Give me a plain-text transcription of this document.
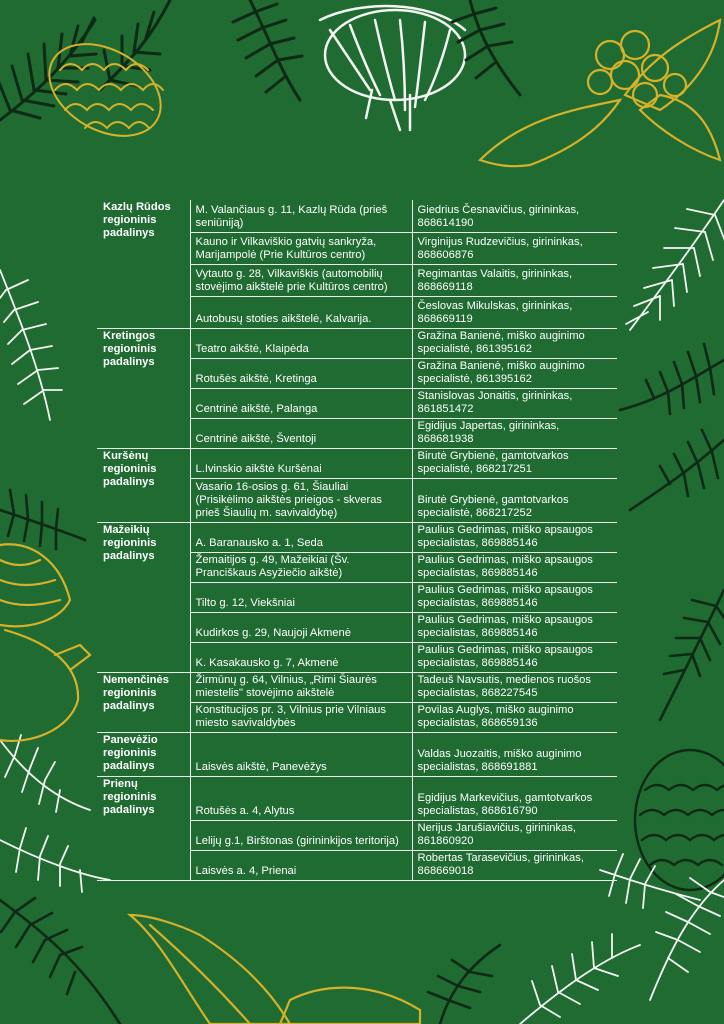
Kazlų Rūdos regioninis padalinys	M. Valančiaus g. 11, Kazlų Rūda (prieš seniūniją)	Giedrius Česnavičius, girininkas, 868614190
	Kauno ir Vilkaviškio gatvių sankryža, Marijampolė (Prie Kultūros centro)	Virginijus Rudzevičius, girininkas, 868606876
	Vytauto g. 28, Vilkaviškis (automobilių stovėjimo aikštelė prie Kultūros centro)	Regimantas Valaitis, girininkas, 868669118
	Autobusų stoties aikštelė, Kalvarija.	Česlovas Mikulskas, girininkas, 868669119
Kretingos regioninis padalinys	Teatro aikštė, Klaipėda	Gražina Banienė, miško auginimo specialistė, 861395162
	Rotušės aikštė, Kretinga	Gražina Banienė, miško auginimo specialistė, 861395162
	Centrinė aikštė, Palanga	Stanislovas Jonaitis, girininkas, 861851472
	Centrinė aikštė, Šventoji	Egidijus Japertas, girininkas, 868681938
Kuršėnų regioninis padalinys	L.Ivinskio aikštė Kuršėnai	Birutė Grybienė, gamtotvarkos specialistė, 868217251
	Vasario 16-osios g. 61, Šiauliai (Prisikėlimo aikštės prieigos - skveras prieš Šiaulių m. savivaldybę)	Birutė Grybienė, gamtotvarkos specialistė, 868217252
Mažeikių regioninis padalinys	A. Baranausko a. 1, Seda	Paulius Gedrimas, miško apsaugos specialistas, 869885146
	Žemaitijos g. 49, Mažeikiai (Šv. Pranciškaus Asyžiečio aikštė)	Paulius Gedrimas, miško apsaugos specialistas, 869885146
	Tilto g. 12, Viekšniai	Paulius Gedrimas, miško apsaugos specialistas, 869885146
	Kudirkos g. 29, Naujoji Akmenė	Paulius Gedrimas, miško apsaugos specialistas, 869885146
	K. Kasakausko g. 7, Akmenė	Paulius Gedrimas, miško apsaugos specialistas, 869885146
Nemenčinės regioninis padalinys	Žirmūnų g. 64, Vilnius, „Rimi Šiaurės miestelis" stovėjimo aikštelė	Tadeuš Navsutis, medienos ruošos specialistas, 868227545
	Konstitucijos pr. 3, Vilnius prie Vilniaus miesto savivaldybės	Povilas Auglys, miško auginimo specialistas, 868659136
Panevėžio regioninis padalinys	Laisvės aikštė, Panevėžys	Valdas Juozaitis, miško auginimo specialistas, 868691881
Prienų regioninis padalinys	Rotušės a. 4, Alytus	Egidijus Markevičius, gamtotvarkos specialistas, 868616790
	Lelijų g.1, Birštonas (girininkijos teritorija)	Nerijus Jarušiavičius, girininkas, 861860920
	Laisvės a. 4, Prienai	Robertas Tarasevičius, girininkas, 868669018
